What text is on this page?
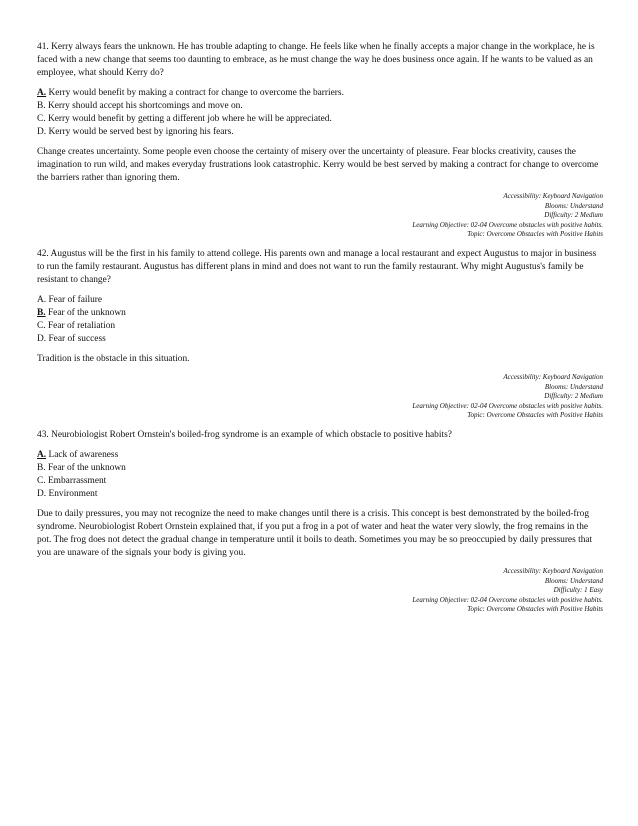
41. Kerry always fears the unknown. He has trouble adapting to change. He feels like when he finally accepts a major change in the workplace, he is faced with a new change that seems too daunting to embrace, as he must change the way he does business once again. If he wants to be valued as an employee, what should Kerry do?

A. Kerry would benefit by making a contract for change to overcome the barriers.
B. Kerry should accept his shortcomings and move on.
C. Kerry would benefit by getting a different job where he will be appreciated.
D. Kerry would be served best by ignoring his fears.

Change creates uncertainty. Some people even choose the certainty of misery over the uncertainty of pleasure. Fear blocks creativity, causes the imagination to run wild, and makes everyday frustrations look catastrophic. Kerry would be best served by making a contract for change to overcome the barriers rather than ignoring them.

Accessibility: Keyboard Navigation
Blooms: Understand
Difficulty: 2 Medium
Learning Objective: 02-04 Overcome obstacles with positive habits.
Topic: Overcome Obstacles with Positive Habits

42. Augustus will be the first in his family to attend college. His parents own and manage a local restaurant and expect Augustus to major in business to run the family restaurant. Augustus has different plans in mind and does not want to run the family restaurant. Why might Augustus's family be resistant to change?

A. Fear of failure
B. Fear of the unknown
C. Fear of retaliation
D. Fear of success

Tradition is the obstacle in this situation.

Accessibility: Keyboard Navigation
Blooms: Understand
Difficulty: 2 Medium
Learning Objective: 02-04 Overcome obstacles with positive habits.
Topic: Overcome Obstacles with Positive Habits

43. Neurobiologist Robert Ornstein's boiled-frog syndrome is an example of which obstacle to positive habits?

A. Lack of awareness
B. Fear of the unknown
C. Embarrassment
D. Environment

Due to daily pressures, you may not recognize the need to make changes until there is a crisis. This concept is best demonstrated by the boiled-frog syndrome. Neurobiologist Robert Ornstein explained that, if you put a frog in a pot of water and heat the water very slowly, the frog remains in the pot. The frog does not detect the gradual change in temperature until it boils to death. Sometimes you may be so preoccupied by daily pressures that you are unaware of the signals your body is giving you.

Accessibility: Keyboard Navigation
Blooms: Understand
Difficulty: 1 Easy
Learning Objective: 02-04 Overcome obstacles with positive habits.
Topic: Overcome Obstacles with Positive Habits
